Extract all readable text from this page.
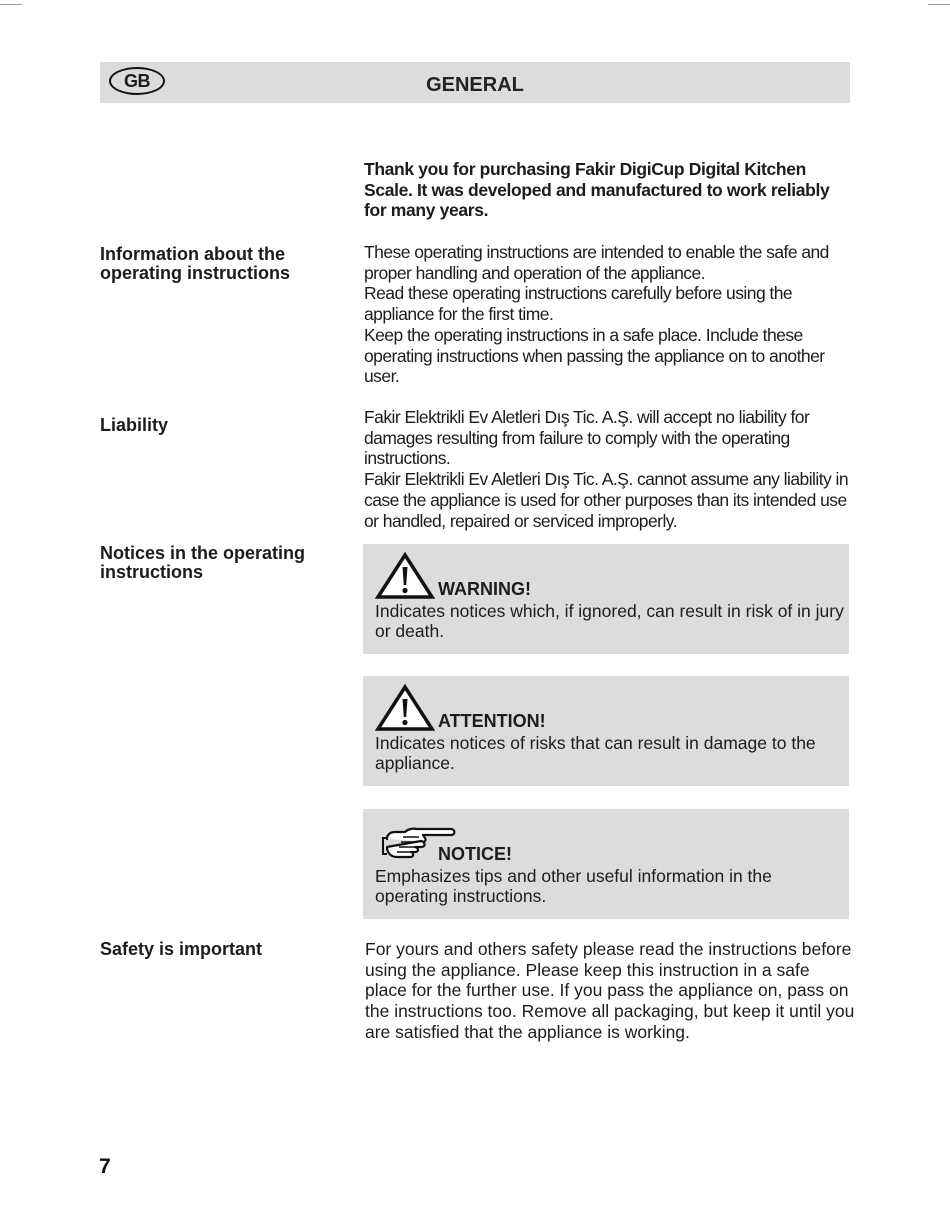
GENERAL
GB
Thank you for purchasing Fakir DigiCup Digital Kitchen Scale. It was developed and manufactured to work reliably for many years.
Information about the operating instructions

These operating instructions are intended to enable the safe and proper handling and operation of the appliance.

Read these operating instructions carefully before using the appliance for the first time.

Keep the operating instructions in a safe place. Include these operating instructions when passing the appliance on to another user.

Liability	Fakir Elektrikli Ev Aletleri Dış Tic. A.Ş. will accept no liability for damages resulting from failure to comply with the operating instructions.

Fakir Elektrikli Ev Aletleri Dış Tic. A.Ş. cannot assume any liability in case the appliance is used for other purposes than its intended use or handled, repaired or serviced improperly.

Notices in the operating instructions
WARNING!
Indicates notices which, if ignored, can result in risk of in jury or death.
ATTENTION!
Indicates notices of risks that can result in damage to the appliance.
NOTICE!
Emphasizes tips and other useful information in the operating instructions.
Safety is important	For yours and others safety please read the instructions before using the appliance. Please keep this instruction in a safe place for the further use. If you pass the appliance on, pass on the instructions too. Remove all packaging, but keep it until you are satisfied that the appliance is working.
7
